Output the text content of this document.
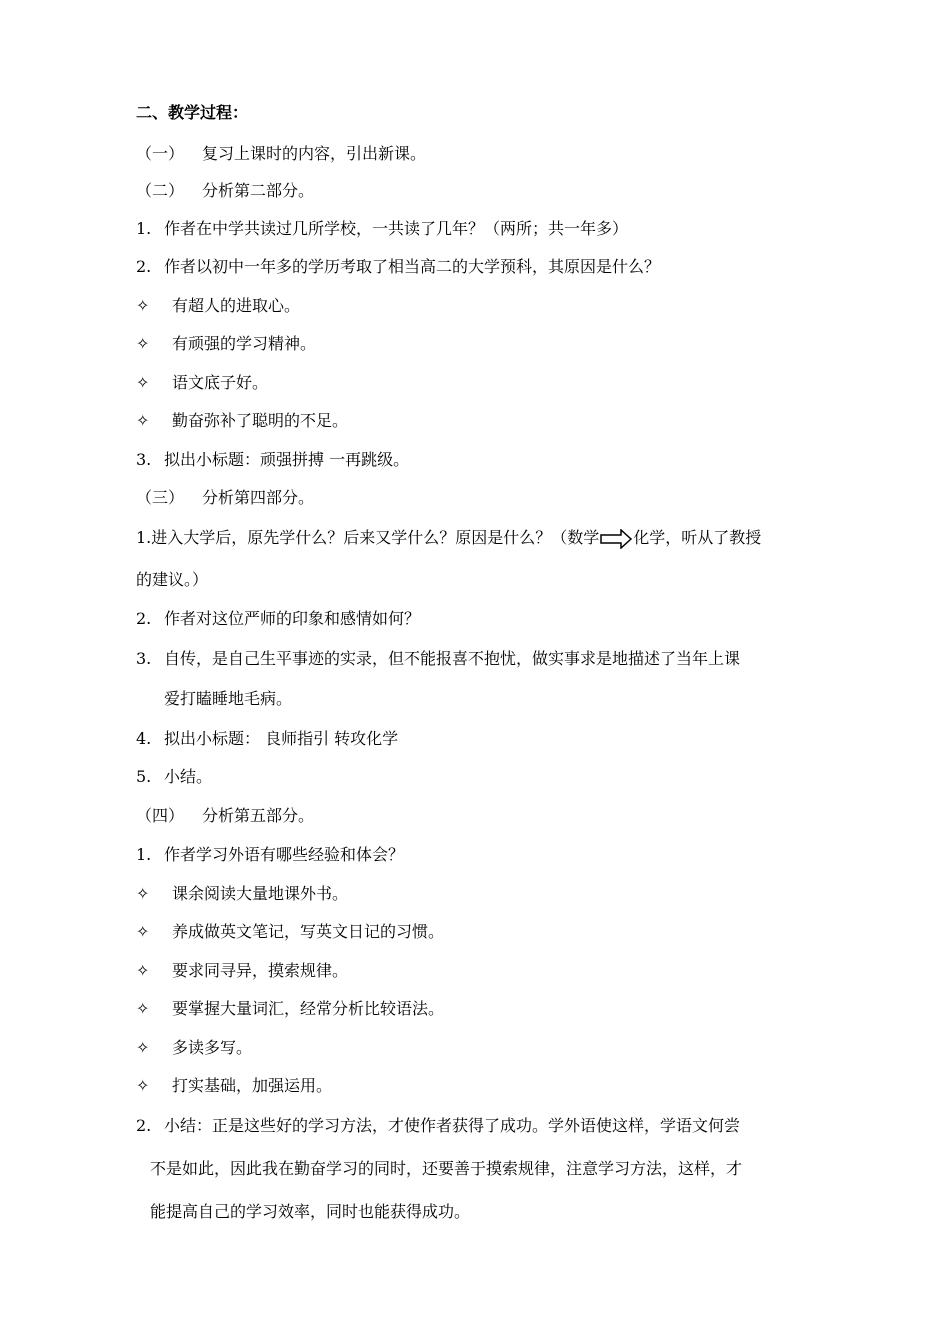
二、教学过程：

（一） 复习上课时的内容，引出新课。

（二） 分析第二部分。

1. 作者在中学共读过几所学校，一共读了几年？（两所；共一年多）

2. 作者以初中一年多的学历考取了相当高二的大学预科，其原因是什么？

✧ 有超人的进取心。

✧ 有顽强的学习精神。

✧ 语文底子好。

✧ 勤奋弥补了聪明的不足。

3. 拟出小标题：顽强拼搏 一再跳级。

（三） 分析第四部分。

1.进入大学后，原先学什么？后来又学什么？原因是什么？（数学 化学，听从了教授

的建议。）

2. 作者对这位严师的印象和感情如何？

3. 自传，是自己生平事迹的实录，但不能报喜不抱忧，做实事求是地描述了当年上课

爱打瞌睡地毛病。

4. 拟出小标题： 良师指引 转攻化学

5. 小结。

（四） 分析第五部分。

1. 作者学习外语有哪些经验和体会？

✧ 课余阅读大量地课外书。

✧ 养成做英文笔记，写英文日记的习惯。

✧ 要求同寻异，摸索规律。

✧ 要掌握大量词汇，经常分析比较语法。

✧ 多读多写。

✧ 打实基础，加强运用。

2. 小结：正是这些好的学习方法，才使作者获得了成功。学外语使这样，学语文何尝

不是如此，因此我在勤奋学习的同时，还要善于摸索规律，注意学习方法，这样，才

能提高自己的学习效率，同时也能获得成功。
